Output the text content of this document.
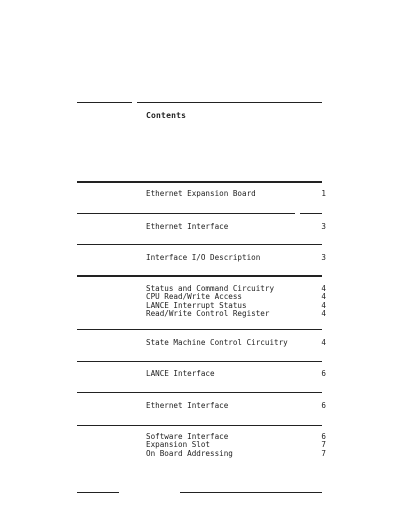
Contents
Ethernet Expansion Board	1
Ethernet Interface	3
Interface I/O Description	3
Status and Command Circuitry	4
CPU Read/Write Access	4
LANCE Interrupt Status	4
Read/Write Control Register	4
State Machine Control Circuitry	4
LANCE Interface	6
Ethernet Interface	6
Software Interface	6
Expansion Slot	7
On Board Addressing	7
